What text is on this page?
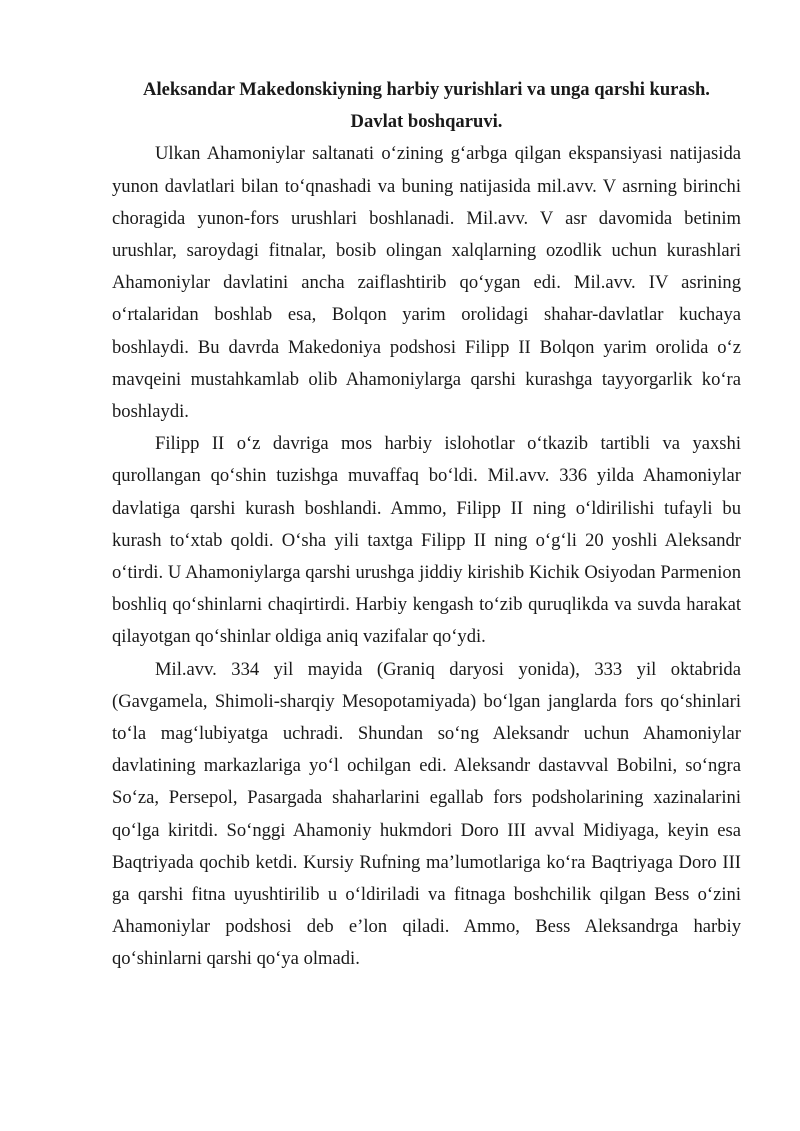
Aleksandar Makedonskiyning harbiy yurishlari va unga qarshi kurash.

Davlat boshqaruvi.

Ulkan Ahamoniylar saltanati o‘zining g‘arbga qilgan ekspansiyasi natijasida yunon davlatlari bilan to‘qnashadi va buning natijasida mil.avv. V asrning birinchi choragida yunon-fors urushlari boshlanadi. Mil.avv. V asr davomida betinim urushlar, saroydagi fitnalar, bosib olingan xalqlarning ozodlik uchun kurashlari Ahamoniylar davlatini ancha zaiflashtirib qo‘ygan edi. Mil.avv. IV asrining o‘rtalaridan boshlab esa, Bolqon yarim orolidagi shahar-davlatlar kuchaya boshlaydi. Bu davrda Makedoniya podshosi Filipp II Bolqon yarim orolida o‘z mavqeini mustahkamlab olib Ahamoniylarga qarshi kurashga tayyorgarlik ko‘ra boshlaydi.

Filipp II o‘z davriga mos harbiy islohotlar o‘tkazib tartibli va yaxshi qurollangan qo‘shin tuzishga muvaffaq bo‘ldi. Mil.avv. 336 yilda Ahamoniylar davlatiga qarshi kurash boshlandi. Ammo, Filipp II ning o‘ldirilishi tufayli bu kurash to‘xtab qoldi. O‘sha yili taxtga Filipp II ning o‘g‘li 20 yoshli Aleksandr o‘tirdi. U Ahamoniylarga qarshi urushga jiddiy kirishib Kichik Osiyodan Parmenion boshliq qo‘shinlarni chaqirtirdi. Harbiy kengash to‘zib quruqlikda va suvda harakat qilayotgan qo‘shinlar oldiga aniq vazifalar qo‘ydi.

Mil.avv. 334 yil mayida (Graniq daryosi yonida), 333 yil oktabrida (Gavgamela, Shimoli-sharqiy Mesopotamiyada) bo‘lgan janglarda fors qo‘shinlari to‘la mag‘lubiyatga uchradi. Shundan so‘ng Aleksandr uchun Ahamoniylar davlatining markazlariga yo‘l ochilgan edi. Aleksandr dastavval Bobilni, so‘ngra So‘za, Persepol, Pasargada shaharlarini egallab fors podsholarining xazinalarini qo‘lga kiritdi. So‘nggi Ahamoniy hukmdori Doro III avval Midiyaga, keyin esa Baqtriyada qochib ketdi. Kursiy Rufning ma’lumotlariga ko‘ra Baqtriyaga Doro III ga qarshi fitna uyushtirilib u o‘ldiriladi va fitnaga boshchilik qilgan Bess o‘zini Ahamoniylar podshosi deb e’lon qiladi. Ammo, Bess Aleksandrga harbiy qo‘shinlarni qarshi qo‘ya olmadi.
